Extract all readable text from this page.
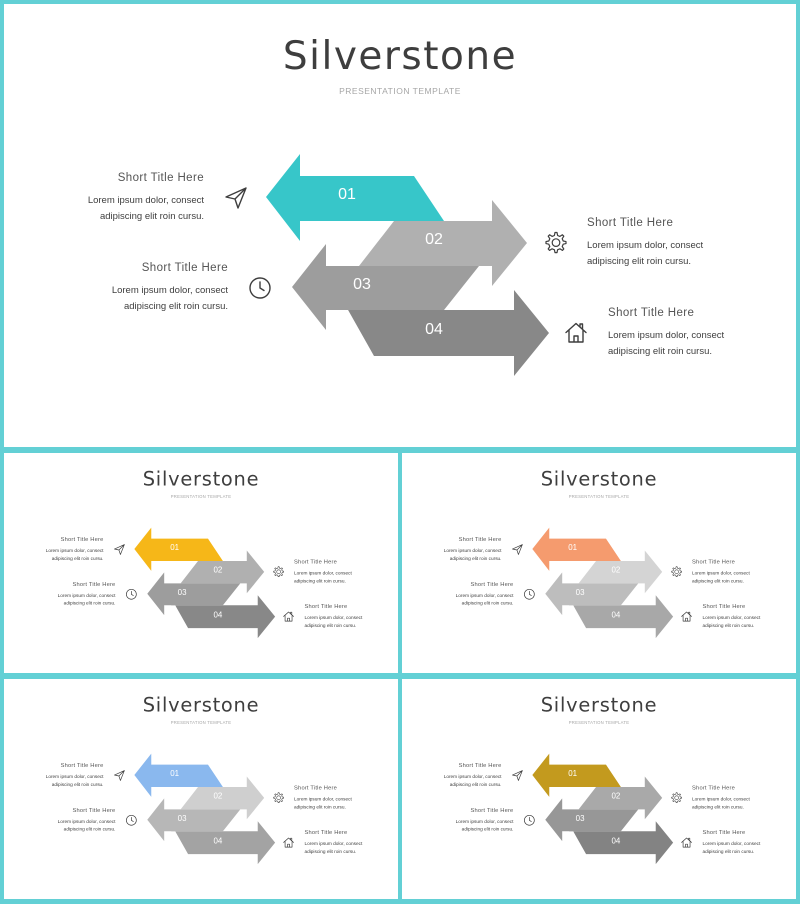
Silverstone
PRESENTATION TEMPLATE
01
02
03
04
Short Title Here
Lorem ipsum dolor, consect
adipiscing elit roin cursu.
Short Title Here
Lorem ipsum dolor, consect
adipiscing elit roin cursu.
Short Title Here
Lorem ipsum dolor, consect
adipiscing elit roin cursu.
Short Title Here
Lorem ipsum dolor, consect
adipiscing elit roin cursu.
Silverstone
PRESENTATION TEMPLATE
01
02
03
04
Short Title Here
Lorem ipsum dolor, consect
adipiscing elit roin cursu.
Short Title Here
Lorem ipsum dolor, consect
adipiscing elit roin cursu.
Short Title Here
Lorem ipsum dolor, consect
adipiscing elit roin cursu.
Short Title Here
Lorem ipsum dolor, consect
adipiscing elit roin cursu.
Silverstone
PRESENTATION TEMPLATE
01
02
03
04
Short Title Here
Lorem ipsum dolor, consect
adipiscing elit roin cursu.
Short Title Here
Lorem ipsum dolor, consect
adipiscing elit roin cursu.
Short Title Here
Lorem ipsum dolor, consect
adipiscing elit roin cursu.
Short Title Here
Lorem ipsum dolor, consect
adipiscing elit roin cursu.
Silverstone
PRESENTATION TEMPLATE
01
02
03
04
Short Title Here
Lorem ipsum dolor, consect
adipiscing elit roin cursu.
Short Title Here
Lorem ipsum dolor, consect
adipiscing elit roin cursu.
Short Title Here
Lorem ipsum dolor, consect
adipiscing elit roin cursu.
Short Title Here
Lorem ipsum dolor, consect
adipiscing elit roin cursu.
Silverstone
PRESENTATION TEMPLATE
01
02
03
04
Short Title Here
Lorem ipsum dolor, consect
adipiscing elit roin cursu.
Short Title Here
Lorem ipsum dolor, consect
adipiscing elit roin cursu.
Short Title Here
Lorem ipsum dolor, consect
adipiscing elit roin cursu.
Short Title Here
Lorem ipsum dolor, consect
adipiscing elit roin cursu.
